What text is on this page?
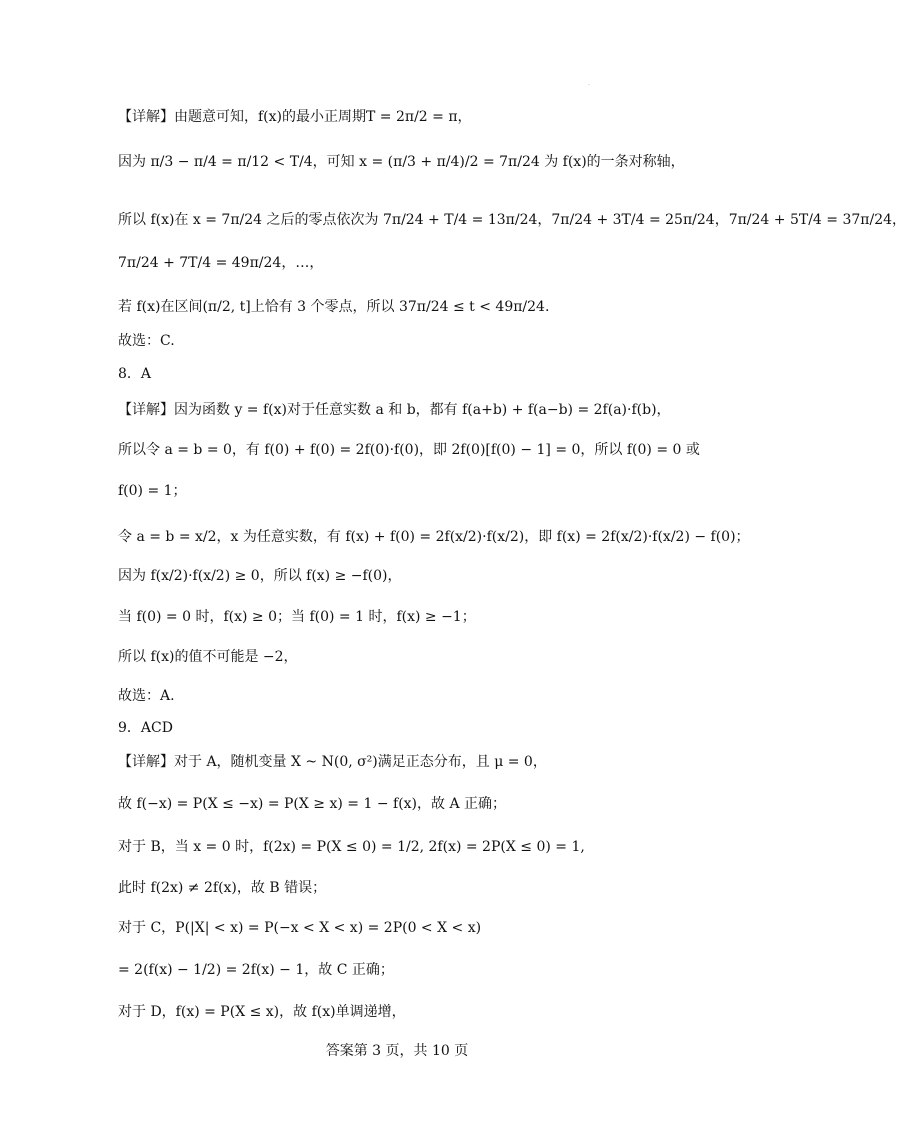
·
【详解】由题意可知，f(x)的最小正周期T = 2π/2 = π，
因为 π/3 − π/4 = π/12 < T/4，可知 x = (π/3 + π/4)/2 = 7π/24 为 f(x)的一条对称轴，
所以 f(x)在 x = 7π/24 之后的零点依次为 7π/24 + T/4 = 13π/24，7π/24 + 3T/4 = 25π/24，7π/24 + 5T/4 = 37π/24，
7π/24 + 7T/4 = 49π/24，…，
若 f(x)在区间(π/2, t]上恰有 3 个零点，所以 37π/24 ≤ t < 49π/24.
故选：C.
8．A
【详解】因为函数 y = f(x)对于任意实数 a 和 b，都有 f(a+b) + f(a−b) = 2f(a)·f(b)，
所以令 a = b = 0，有 f(0) + f(0) = 2f(0)·f(0)，即 2f(0)[f(0) − 1] = 0，所以 f(0) = 0 或
f(0) = 1；
令 a = b = x/2，x 为任意实数，有 f(x) + f(0) = 2f(x/2)·f(x/2)，即 f(x) = 2f(x/2)·f(x/2) − f(0)；
因为 f(x/2)·f(x/2) ≥ 0，所以 f(x) ≥ −f(0)，
当 f(0) = 0 时，f(x) ≥ 0；当 f(0) = 1 时，f(x) ≥ −1；
所以 f(x)的值不可能是 −2，
故选：A.
9．ACD
【详解】对于 A，随机变量 X ~ N(0, σ²)满足正态分布，且 μ = 0，
故 f(−x) = P(X ≤ −x) = P(X ≥ x) = 1 − f(x)，故 A 正确；
对于 B，当 x = 0 时，f(2x) = P(X ≤ 0) = 1/2, 2f(x) = 2P(X ≤ 0) = 1,
此时 f(2x) ≠ 2f(x)，故 B 错误；
对于 C，P(|X| < x) = P(−x < X < x) = 2P(0 < X < x)
= 2(f(x) − 1/2) = 2f(x) − 1，故 C 正确；
对于 D，f(x) = P(X ≤ x)，故 f(x)单调递增，
答案第 3 页，共 10 页
